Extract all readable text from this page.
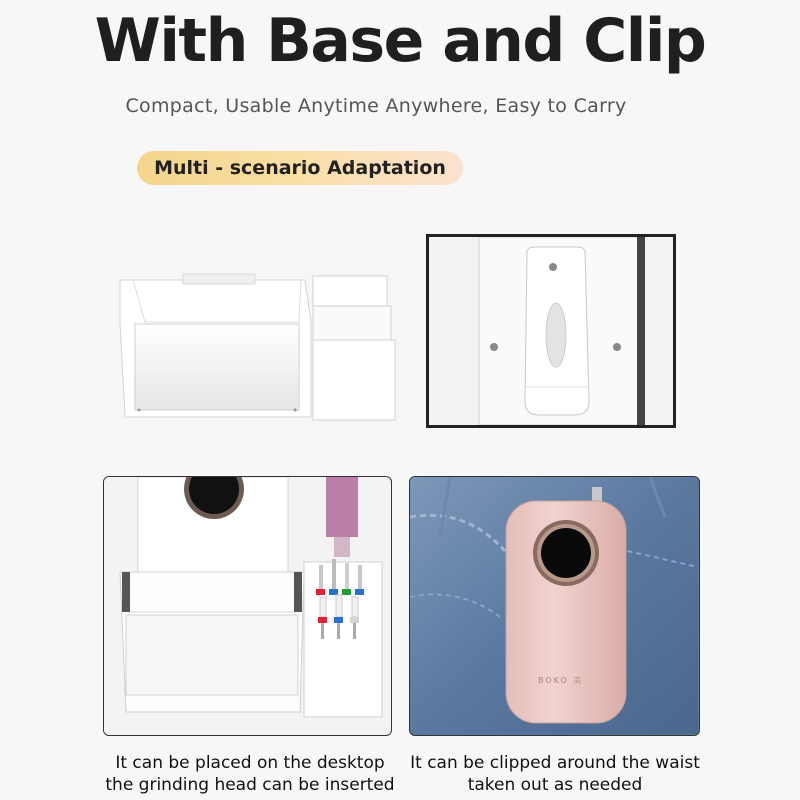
With Base and Clip
Compact, Usable Anytime Anywhere, Easy to Carry
Multi - scenario Adaptation
BOKO 美
It can be placed on the desktop
the grinding head can be inserted
It can be clipped around the waist
taken out as needed
